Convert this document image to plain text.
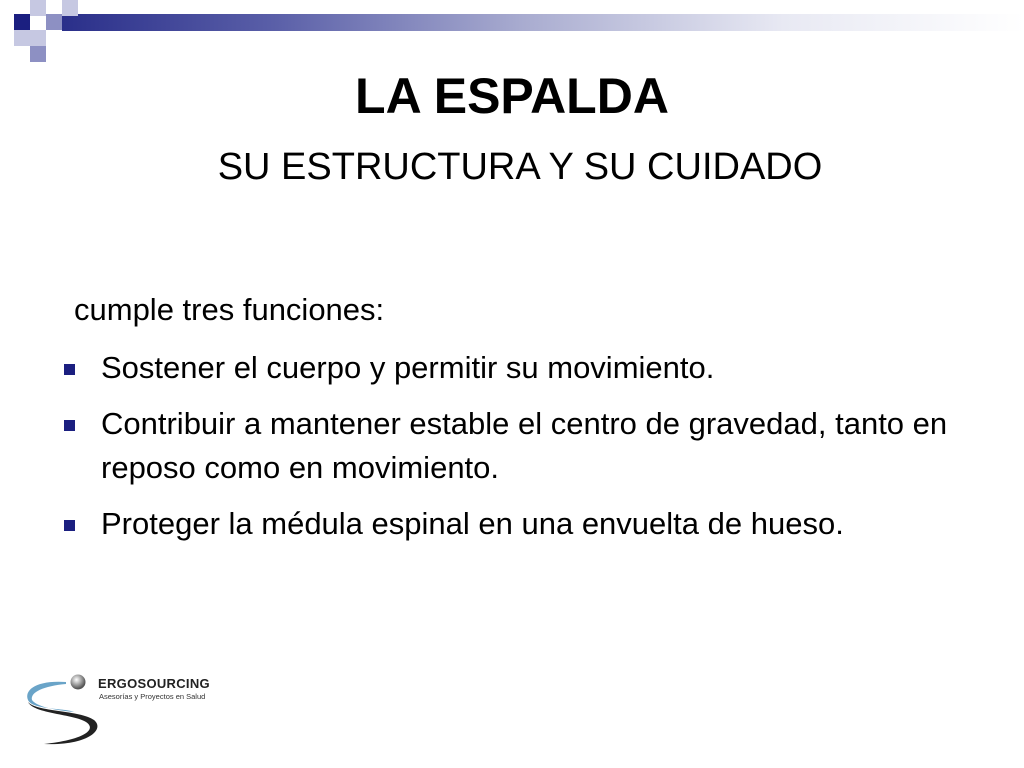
LA ESPALDA
SU ESTRUCTURA Y SU CUIDADO
cumple tres funciones:
Sostener el cuerpo y permitir su movimiento.
Contribuir a mantener estable el centro de gravedad, tanto en reposo como en movimiento.
Proteger la médula espinal en una envuelta de hueso.
ERGOSOURCING
Asesorías y Proyectos en Salud
